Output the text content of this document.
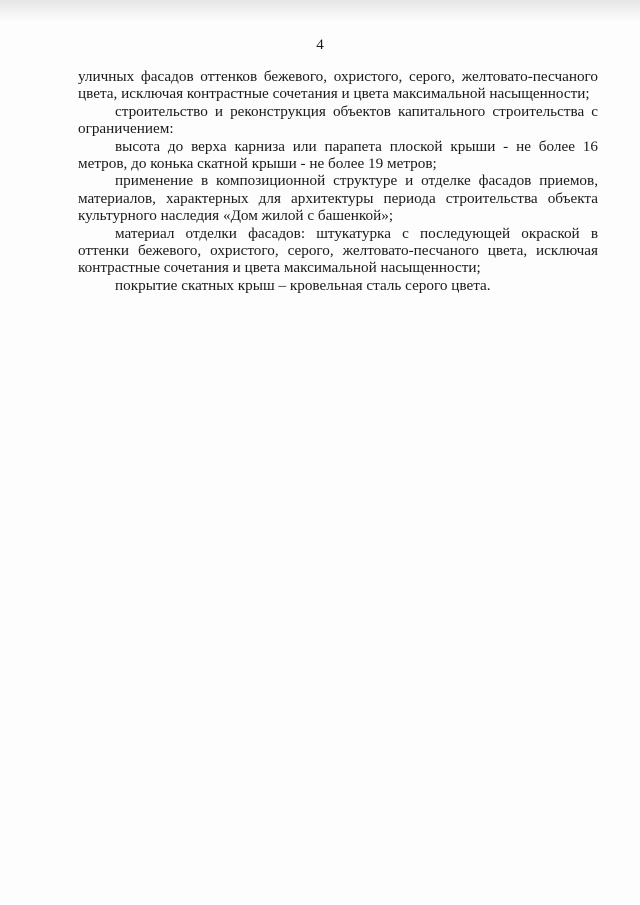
4

уличных фасадов оттенков бежевого, охристого, серого, желтовато-песчаного цвета, исключая контрастные сочетания и цвета максимальной насыщенности;

строительство и реконструкция объектов капитального строительства с ограничением:

высота до верха карниза или парапета плоской крыши - не более 16 метров, до конька скатной крыши - не более 19 метров;

применение в композиционной структуре и отделке фасадов приемов, материалов, характерных для архитектуры периода строительства объекта культурного наследия «Дом жилой с башенкой»;

материал отделки фасадов: штукатурка с последующей окраской в оттенки бежевого, охристого, серого, желтовато-песчаного цвета, исключая контрастные сочетания и цвета максимальной насыщенности;

покрытие скатных крыш – кровельная сталь серого цвета.
